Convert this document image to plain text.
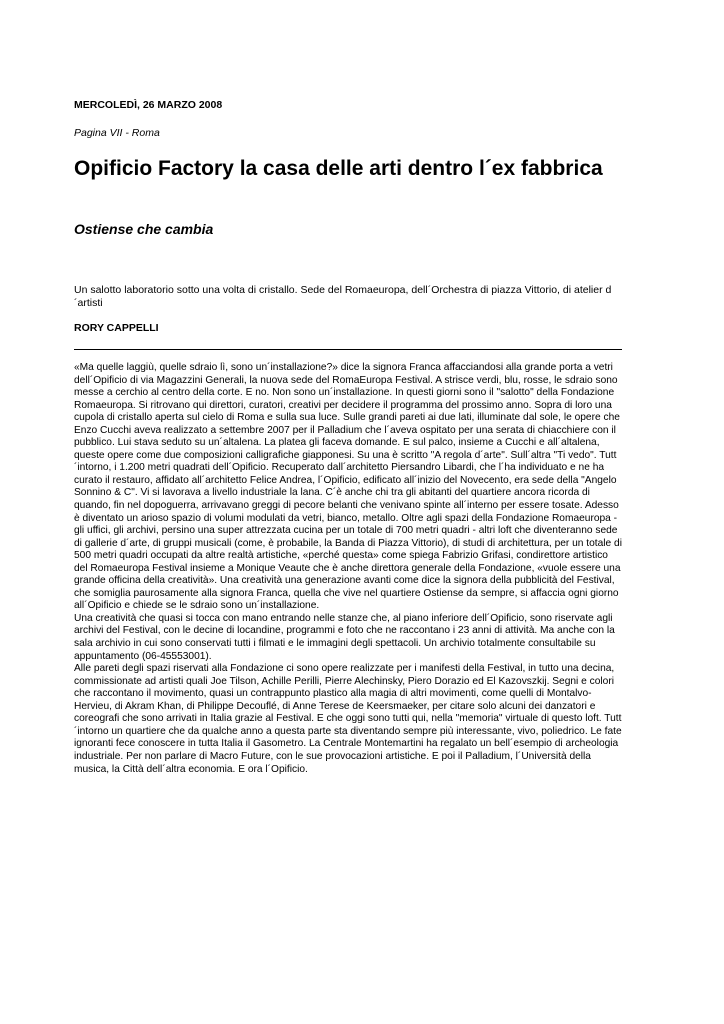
MERCOLEDÌ, 26 MARZO 2008
Pagina VII - Roma
Opificio Factory la casa delle arti dentro l´ex fabbrica
Ostiense che cambia

Un salotto laboratorio sotto una volta di cristallo. Sede del Romaeuropa, dell´Orchestra di piazza Vittorio, di atelier d´artisti

RORY CAPPELLI

«Ma quelle laggiù, quelle sdraio lì, sono un´installazione?» dice la signora Franca affacciandosi alla grande porta a vetri dell´Opificio di via Magazzini Generali, la nuova sede del RomaEuropa Festival. A strisce verdi, blu, rosse, le sdraio sono messe a cerchio al centro della corte. E no. Non sono un´installazione. In questi giorni sono il "salotto" della Fondazione Romaeuropa. Si ritrovano qui direttori, curatori, creativi per decidere il programma del prossimo anno. Sopra di loro una cupola di cristallo aperta sul cielo di Roma e sulla sua luce. Sulle grandi pareti ai due lati, illuminate dal sole, le opere che Enzo Cucchi aveva realizzato a settembre 2007 per il Palladium che l´aveva ospitato per una serata di chiacchiere con il pubblico. Lui stava seduto su un´altalena. La platea gli faceva domande. E sul palco, insieme a Cucchi e all´altalena, queste opere come due composizioni calligrafiche giapponesi. Su una è scritto "A regola d´arte". Sull´altra "Ti vedo". Tutt´intorno, i 1.200 metri quadrati dell´Opificio. Recuperato dall´architetto Piersandro Libardi, che l´ha individuato e ne ha curato il restauro, affidato all´architetto Felice Andrea, l´Opificio, edificato all´inizio del Novecento, era sede della "Angelo Sonnino & C". Vi si lavorava a livello industriale la lana. C´è anche chi tra gli abitanti del quartiere ancora ricorda di quando, fin nel dopoguerra, arrivavano greggi di pecore belanti che venivano spinte all´interno per essere tosate. Adesso è diventato un arioso spazio di volumi modulati da vetri, bianco, metallo. Oltre agli spazi della Fondazione Romaeuropa - gli uffici, gli archivi, persino una super attrezzata cucina per un totale di 700 metri quadri - altri loft che diventeranno sede di gallerie d´arte, di gruppi musicali (come, è probabile, la Banda di Piazza Vittorio), di studi di architettura, per un totale di 500 metri quadri occupati da altre realtà artistiche, «perché questa» come spiega Fabrizio Grifasi, condirettore artistico del Romaeuropa Festival insieme a Monique Veaute che è anche direttora generale della Fondazione, «vuole essere una grande officina della creatività». Una creatività una generazione avanti come dice la signora della pubblicità del Festival, che somiglia paurosamente alla signora Franca, quella che vive nel quartiere Ostiense da sempre, si affaccia ogni giorno all´Opificio e chiede se le sdraio sono un´installazione.

Una creatività che quasi si tocca con mano entrando nelle stanze che, al piano inferiore dell´Opificio, sono riservate agli archivi del Festival, con le decine di locandine, programmi e foto che ne raccontano i 23 anni di attività. Ma anche con la sala archivio in cui sono conservati tutti i filmati e le immagini degli spettacoli. Un archivio totalmente consultabile su appuntamento (06-45553001).

Alle pareti degli spazi riservati alla Fondazione ci sono opere realizzate per i manifesti della Festival, in tutto una decina, commissionate ad artisti quali Joe Tilson, Achille Perilli, Pierre Alechinsky, Piero Dorazio ed El Kazovszkij. Segni e colori che raccontano il movimento, quasi un contrappunto plastico alla magia di altri movimenti, come quelli di Montalvo-Hervieu, di Akram Khan, di Philippe Decouflé, di Anne Terese de Keersmaeker, per citare solo alcuni dei danzatori e coreografi che sono arrivati in Italia grazie al Festival. E che oggi sono tutti qui, nella "memoria" virtuale di questo loft. Tutt´intorno un quartiere che da qualche anno a questa parte sta diventando sempre più interessante, vivo, poliedrico. Le fate ignoranti fece conoscere in tutta Italia il Gasometro. La Centrale Montemartini ha regalato un bell´esempio di archeologia industriale. Per non parlare di Macro Future, con le sue provocazioni artistiche. E poi il Palladium, l´Università della musica, la Città dell´altra economia. E ora l´Opificio.
